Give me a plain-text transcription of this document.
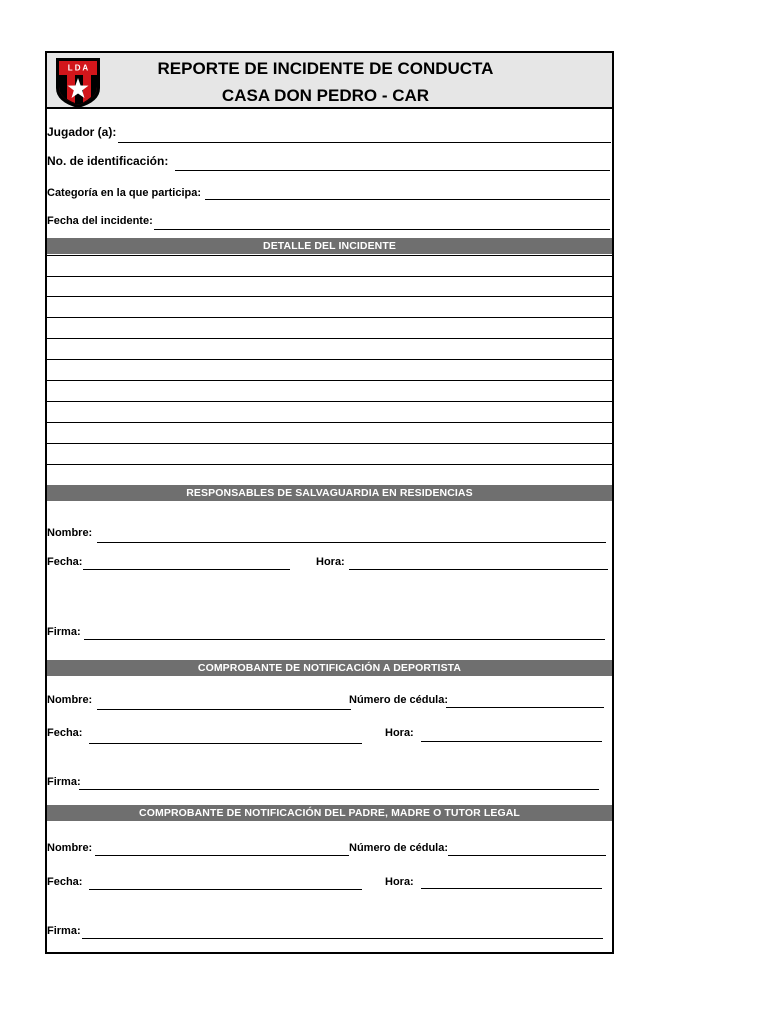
L D A	REPORTE DE INCIDENTE DE CONDUCTA
CASA DON PEDRO - CAR
Jugador (a):
No. de identificación:
Categoría en la que participa:
Fecha del incidente:
DETALLE DEL INCIDENTE
RESPONSABLES DE SALVAGUARDIA EN RESIDENCIAS
Nombre:
Fecha:	Hora:
Firma:
COMPROBANTE DE NOTIFICACIÓN A DEPORTISTA
Nombre:	Número de cédula:
Fecha:	Hora:
Firma:
COMPROBANTE DE NOTIFICACIÓN DEL PADRE, MADRE O TUTOR LEGAL
Nombre:	Número de cédula:
Fecha:	Hora:
Firma:
